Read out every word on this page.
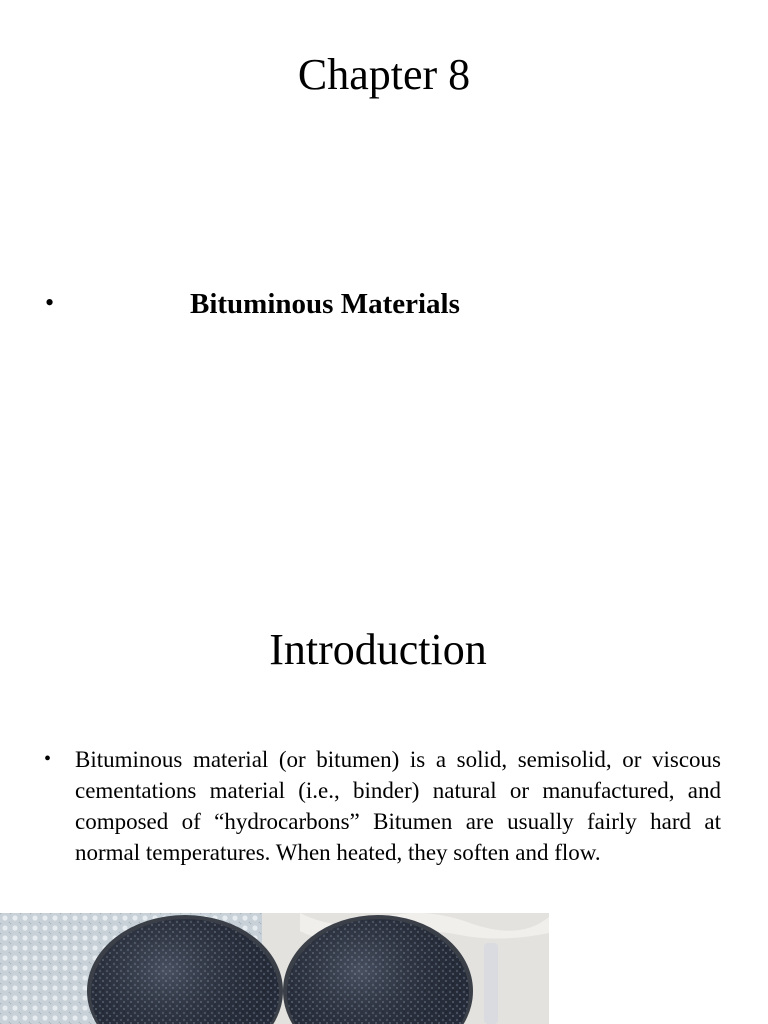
Chapter 8
•	Bituminous Materials
Introduction
• Bituminous material (or bitumen) is a solid, semisolid, or viscous cementations material (i.e., binder) natural or manufactured, and composed of “hydrocarbons” Bitumen are usually fairly hard at normal temperatures. When heated, they soften and flow.
